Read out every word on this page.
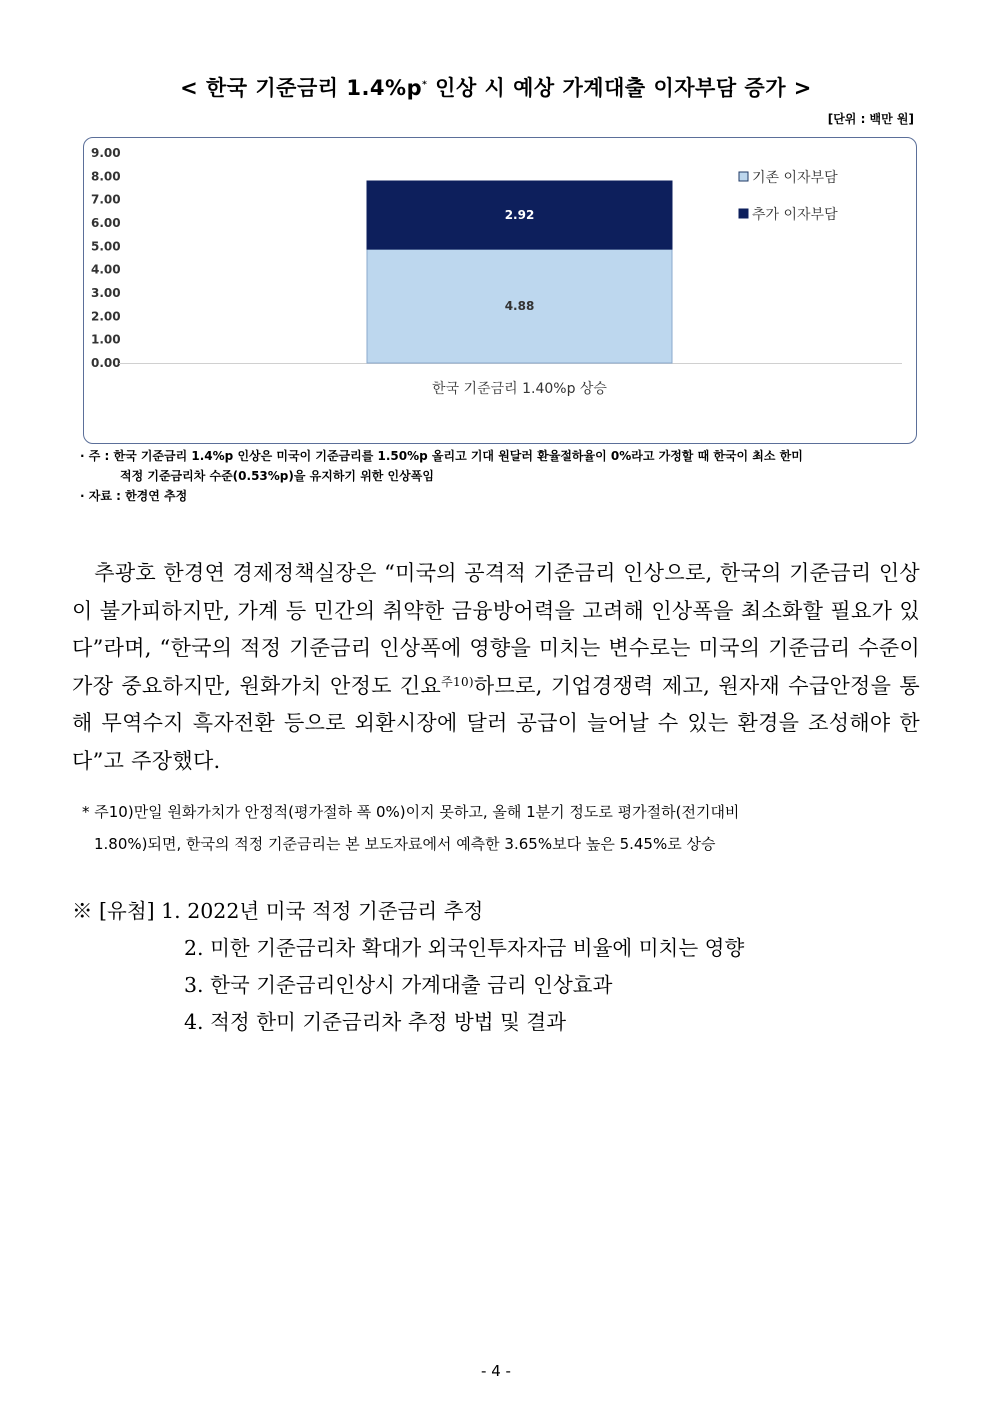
< 한국 기준금리 1.4%p* 인상 시 예상 가계대출 이자부담 증가 >
[단위 : 백만 원]
0.00
1.00
2.00
3.00
4.00
5.00
6.00
7.00
8.00
9.00
4.88
2.92
한국 기준금리 1.40%p 상승
기존 이자부담
추가 이자부담
· 주 : 한국 기준금리 1.4%p 인상은 미국이 기준금리를 1.50%p 올리고 기대 원달러 환율절하율이 0%라고 가정할 때 한국이 최소 한미
적정 기준금리차 수준(0.53%p)을 유지하기 위한 인상폭임
· 자료 : 한경연 추정
추광호 한경연 경제정책실장은 “미국의 공격적 기준금리 인상으로, 한국의 기준금리 인상이 불가피하지만, 가계 등 민간의 취약한 금융방어력을 고려해 인상폭을 최소화할 필요가 있다”라며, “한국의 적정 기준금리 인상폭에 영향을 미치는 변수로는 미국의 기준금리 수준이 가장 중요하지만, 원화가치 안정도 긴요$^{주10)}$하므로, 기업경쟁력 제고, 원자재 수급안정을 통해 무역수지 흑자전환 등으로 외환시장에 달러 공급이 늘어날 수 있는 환경을 조성해야 한다”고 주장했다.
* 주10)만일 원화가치가 안정적(평가절하 폭 0%)이지 못하고, 올해 1분기 정도로 평가절하(전기대비
1.80%)되면, 한국의 적정 기준금리는 본 보도자료에서 예측한 3.65%보다 높은 5.45%로 상승
※ [유첨] 1. 2022년 미국 적정 기준금리 추정
2. 미한 기준금리차 확대가 외국인투자자금 비율에 미치는 영향
3. 한국 기준금리인상시 가계대출 금리 인상효과
4. 적정 한미 기준금리차 추정 방법 및 결과
- 4 -
